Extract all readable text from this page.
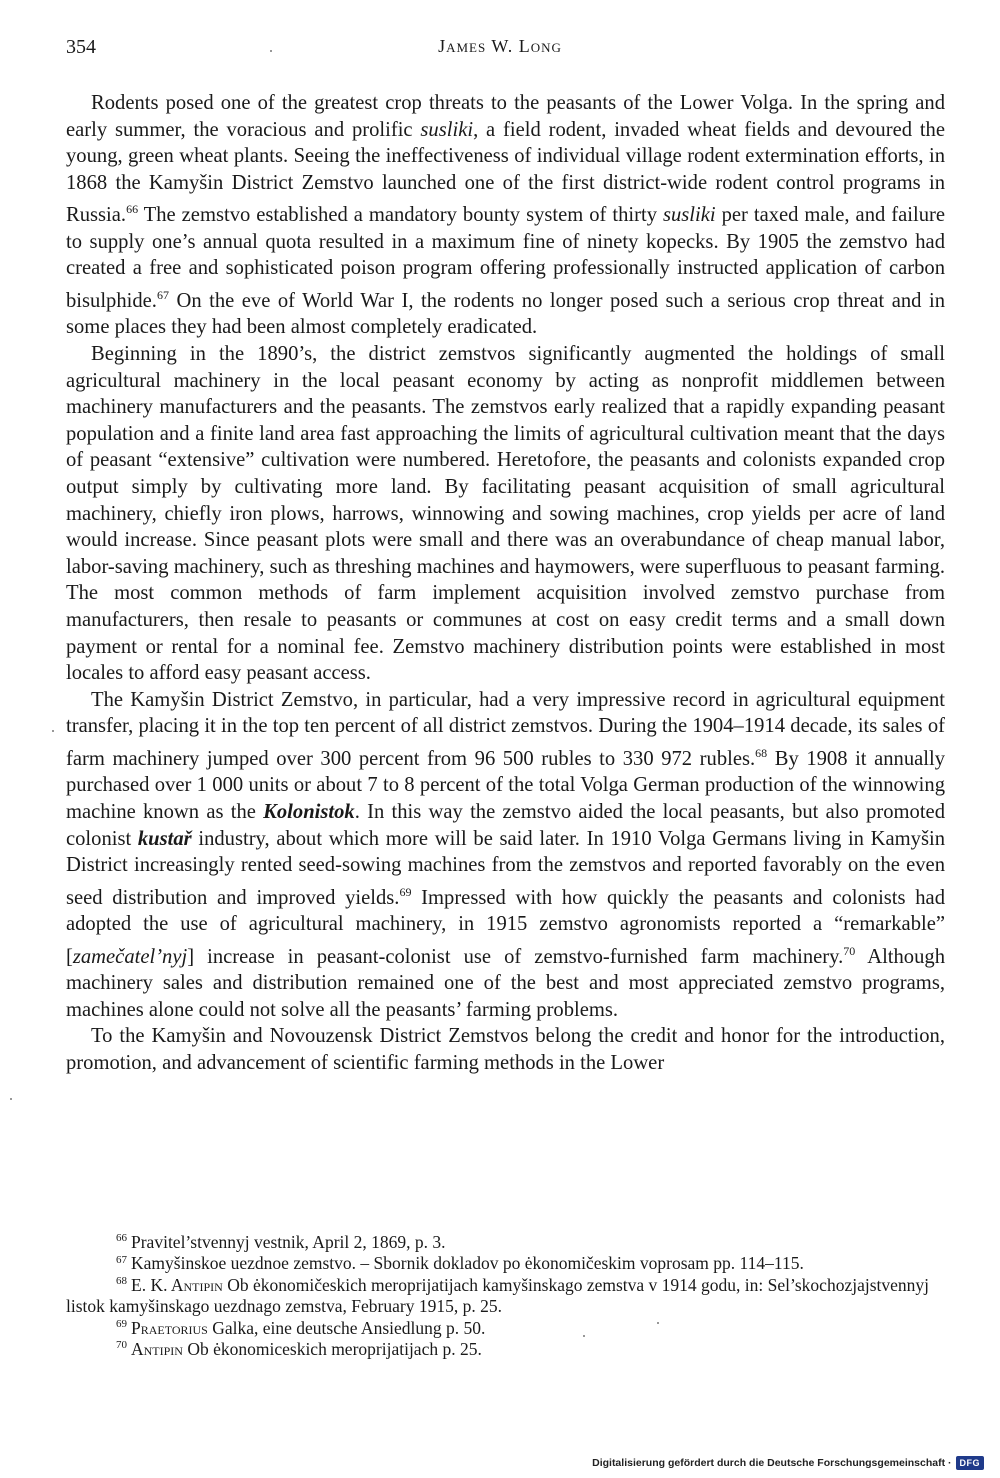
354	James W. Long

Rodents posed one of the greatest crop threats to the peasants of the Lower Volga. In the spring and early summer, the voracious and prolific susliki, a field rodent, invaded wheat fields and devoured the young, green wheat plants. Seeing the ineffectiveness of individual village rodent extermination efforts, in 1868 the Kamyšin District Zemstvo launched one of the first district-wide rodent control programs in Russia.$^{66}$ The zemstvo established a mandatory bounty system of thirty susliki per taxed male, and failure to supply one’s annual quota resulted in a maximum fine of ninety kopecks. By 1905 the zemstvo had created a free and sophisticated poison program offering professionally instructed application of carbon bisulphide.$^{67}$ On the eve of World War I, the rodents no longer posed such a serious crop threat and in some places they had been almost completely eradicated.

Beginning in the 1890’s, the district zemstvos significantly augmented the holdings of small agricultural machinery in the local peasant economy by acting as nonprofit middlemen between machinery manufacturers and the peasants. The zemstvos early realized that a rapidly expanding peasant population and a finite land area fast approaching the limits of agricultural cultivation meant that the days of peasant “extensive” cultivation were numbered. Heretofore, the peasants and colonists expanded crop output simply by cultivating more land. By facilitating peasant acquisition of small agricultural machinery, chiefly iron plows, harrows, winnowing and sowing machines, crop yields per acre of land would increase. Since peasant plots were small and there was an overabundance of cheap manual labor, labor-saving machinery, such as threshing machines and haymowers, were superfluous to peasant farming. The most common methods of farm implement acquisition involved zemstvo purchase from manufacturers, then resale to peasants or communes at cost on easy credit terms and a small down payment or rental for a nominal fee. Zemstvo machinery distribution points were established in most locales to afford easy peasant access.

The Kamyšin District Zemstvo, in particular, had a very impressive record in agricultural equipment transfer, placing it in the top ten percent of all district zemstvos. During the 1904–1914 decade, its sales of farm machinery jumped over 300 percent from 96 500 rubles to 330 972 rubles.$^{68}$ By 1908 it annually purchased over 1 000 units or about 7 to 8 percent of the total Volga German production of the winnowing machine known as the Kolonistok. In this way the zemstvo aided the local peasants, but also promoted colonist kustař industry, about which more will be said later. In 1910 Volga Germans living in Kamyšin District increasingly rented seed-sowing machines from the zemstvos and reported favorably on the even seed distribution and improved yields.$^{69}$ Impressed with how quickly the peasants and colonists had adopted the use of agricultural machinery, in 1915 zemstvo agronomists reported a “remarkable” [zamečatel’nyj] increase in peasant-colonist use of zemstvo-furnished farm machinery.$^{70}$ Although machinery sales and distribution remained one of the best and most appreciated zemstvo programs, machines alone could not solve all the peasants’ farming problems.

To the Kamyšin and Novouzensk District Zemstvos belong the credit and honor for the introduction, promotion, and advancement of scientific farming methods in the Lower

$^{66}$ Pravitel’stvennyj vestnik, April 2, 1869, p. 3.

$^{67}$ Kamyšinskoe uezdnoe zemstvo. – Sbornik dokladov po ėkonomičeskim voprosam pp. 114–115.

$^{68}$ E. K. Antipin Ob ėkonomičeskich meroprijatijach kamyšinskago zemstva v 1914 godu, in: Sel’skochozjajstvennyj listok kamyšinskago uezdnago zemstva, February 1915, p. 25.

$^{69}$ Praetorius Galka, eine deutsche Ansiedlung p. 50.

$^{70}$ Antipin Ob ėkonomiceskich meroprijatijach p. 25.

Digitalisierung gefördert durch die Deutsche Forschungsgemeinschaft · DFG
